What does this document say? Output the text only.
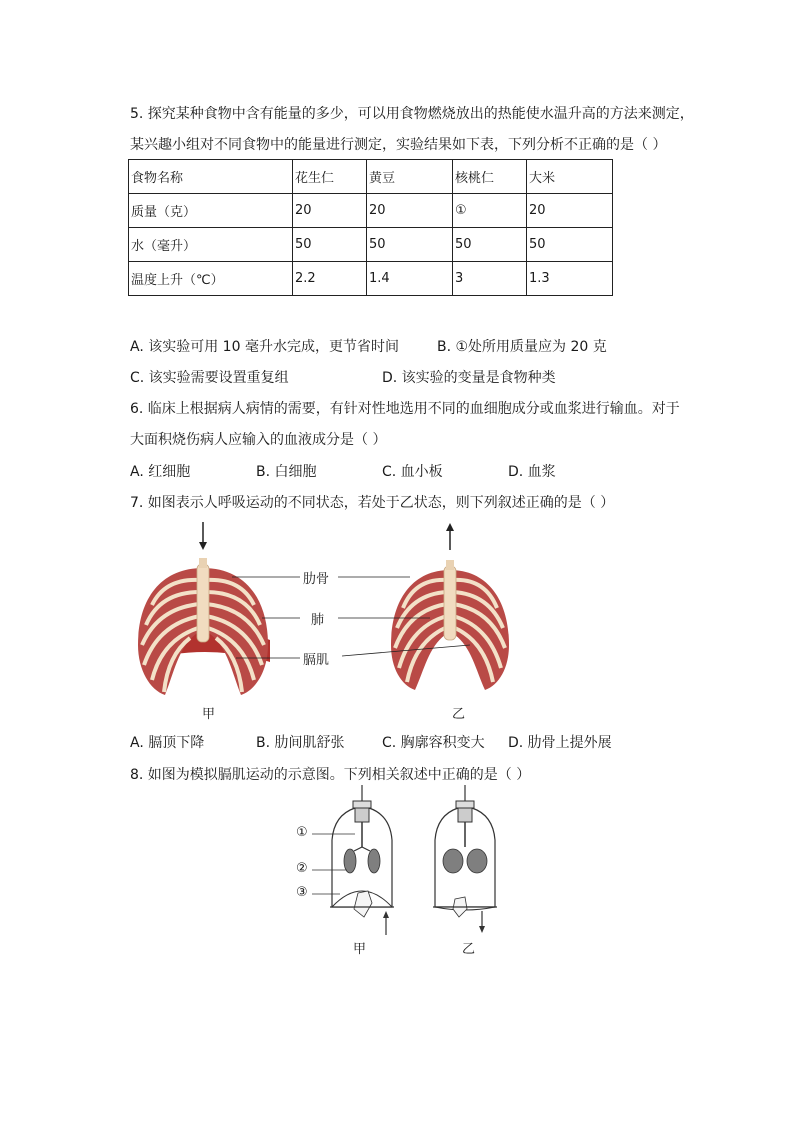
5. 探究某种食物中含有能量的多少，可以用食物燃烧放出的热能使水温升高的方法来测定，
某兴趣小组对不同食物中的能量进行测定，实验结果如下表，下列分析不正确的是（ ）
食物名称	花生仁	黄豆	核桃仁	大米
质量（克）	20	20	①	20
水（毫升）	50	50	50	50
温度上升（℃）	2.2	1.4	3	1.3
A. 该实验可用 10 毫升水完成，更节省时间	B. ①处所用质量应为 20 克
C. 该实验需要设置重复组	D. 该实验的变量是食物种类
6. 临床上根据病人病情的需要，有针对性地选用不同的血细胞成分或血浆进行输血。对于
大面积烧伤病人应输入的血液成分是（ ）
A. 红细胞	B. 白细胞	C. 血小板	D. 血浆
7. 如图表示人呼吸运动的不同状态，若处于乙状态，则下列叙述正确的是（ ）
甲	乙
肋骨
肺
膈肌
A. 膈顶下降	B. 肋间肌舒张	C. 胸廓容积变大 D. 肋骨上提外展
8. 如图为模拟膈肌运动的示意图。下列相关叙述中正确的是（ ）
①
②
③
甲	乙
